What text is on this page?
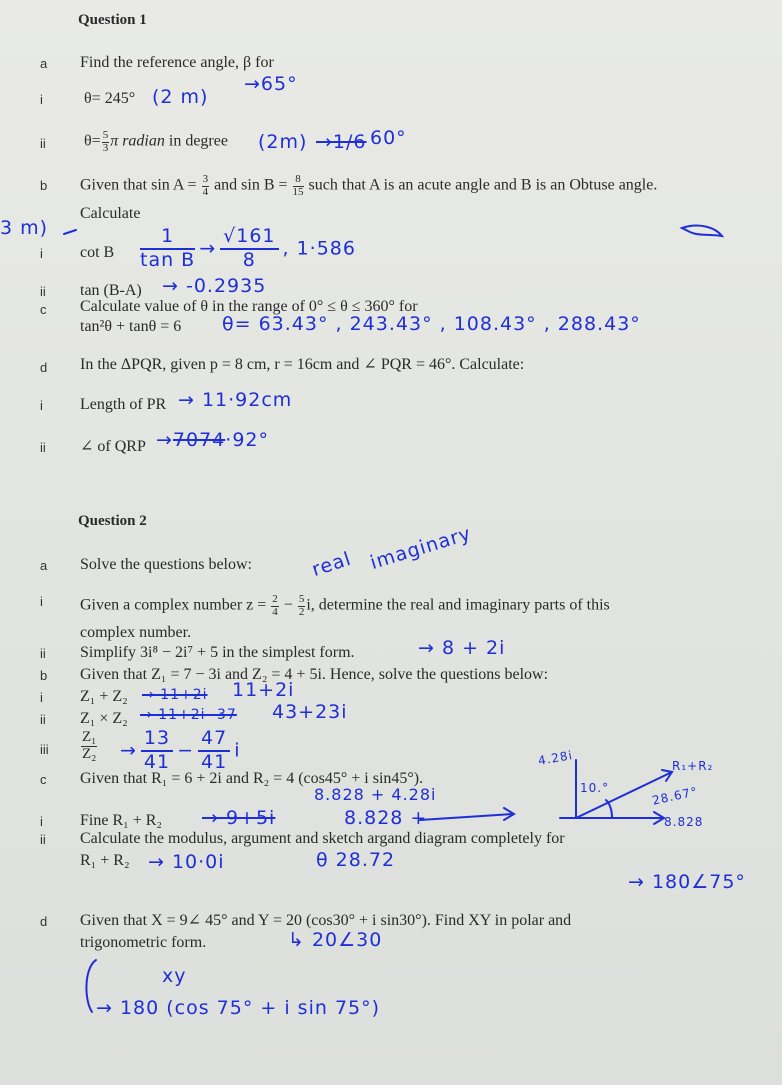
Question 1
a Find the reference angle, β for
i	θ= 245° (2 m)
→65°
ii $\theta= \frac{5}{3}$ π radian in degree (2m) →1/6 60°
b Given that $\sin A = \frac{3}{4}$ and $\sin B = \frac{8}{15}$ such that A is an acute angle and B is an Obtuse angle.
Calculate
3 m)
i cot B $\frac{1}{\text{tan B}} \to \frac{√161}{8}$ , 1·586
ii tan (B-A) → -0.2935
c Calculate value of θ in the range of 0° ≤ θ ≤ 360° for
tan²θ + tanθ = 6 θ= 63.43° , 243.43° , 108.43° , 288.43°
d In the ΔPQR, given p = 8 cm, r = 16cm and ∠ PQR = 46°. Calculate:
i Length of PR → 11·92cm
ii ∠ of QRP →7074·92°
Question 2
a Solve the questions below:	real imaginary
i Given a complex number $z = \frac{2}{4} - \frac{5}{2} i$, determine the real and imaginary parts of this
complex number.
ii Simplify 3i⁸ − 2i⁷ + 5 in the simplest form.	→ 8 + 2i
b Given that Z₁ = 7 − 3i and Z₂ = 4 + 5i. Hence, solve the questions below:
i Z₁ + Z₂ → 11+2i 11+2i
ii Z₁ × Z₂ → 11+2i -37 43+23i
iii $\frac{\text{Z₁}}{\text{Z₂}} \to \frac{13}{41} - \frac{47}{41}$ i
c Given that R₁ = 6 + 2i and R₂ = 4 (cos45° + i sin45°).
8.828 + 4.28i
4.28i
10.°
R₁+R₂
28.67°
8.828
i Fine R₁ + R₂ → 9+5i	8.828 +
ii Calculate the modulus, argument and sketch argand diagram completely for
R₁ + R₂ → 10·0i	θ 28.72
→ 180∠75°
d Given that X = 9∠ 45° and Y = 20 (cos30° + i sin30°). Find XY in polar and
trigonometric form.	↳ 20∠30
xy
→ 180 (cos 75° + i sin 75°)
